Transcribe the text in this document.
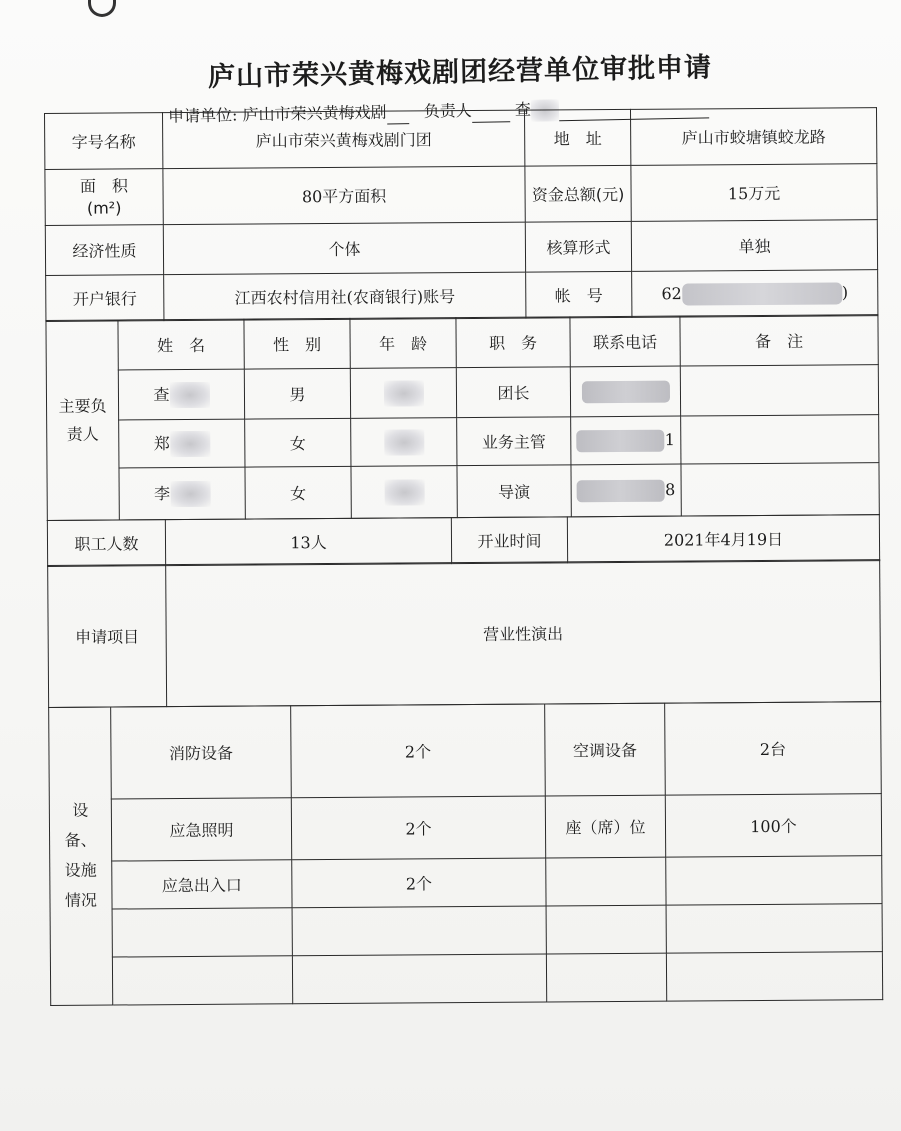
庐山市荣兴黄梅戏剧团经营单位审批申请
申请单位: 庐山市荣兴黄梅戏剧 负责人	查
字号名称	庐山市荣兴黄梅戏剧门团	地　址	庐山市蛟塘镇蛟龙路

面　积
(m²)	80平方面积	资金总额(元)	15万元
经济性质	个体	核算形式	单独
开户银行	江西农村信用社(农商银行)账号	帐　号	62 )
主要负责人	姓　名	性　别	年　龄	职　务	联系电话	备　注
	查	男		团长		
	郑	女		业务主管	1	
	李	女		导演	8	
职工人数	13人	开业时间	2021年4月19日
申请项目	营业性演出
设备、设施情况	消防设备	2个	空调设备	2台
	应急照明	2个	座（席）位	100个
	应急出入口	2个		
